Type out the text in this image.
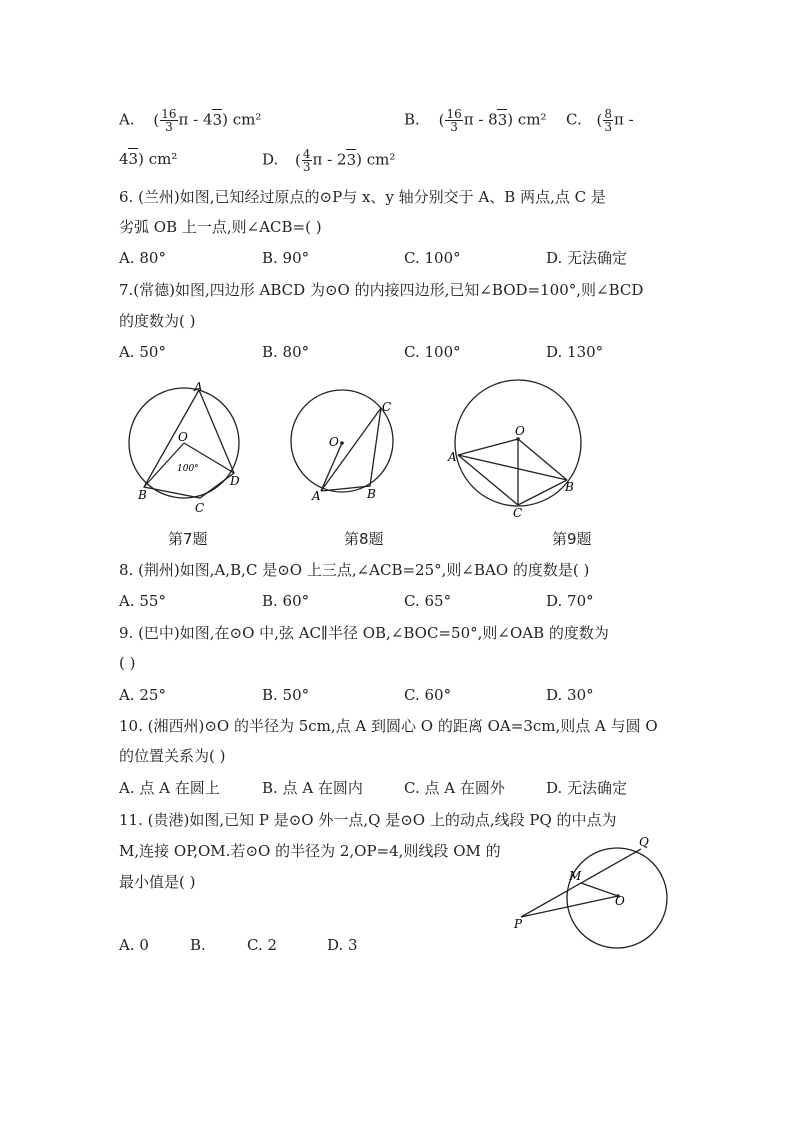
A. ( $\frac{16}{3}$ π - 43) cm²	B. ( $\frac{16}{3}$ π - 83) cm² C. ( $\frac{8}{3}$ π -
43) cm²	D. ( $\frac{4}{3}$ π - 23) cm²
6. (兰州)如图,已知经过原点的⊙P与 x、y 轴分别交于 A、B 两点,点 C 是
劣弧 OB 上一点,则∠ACB=( )
A. 80°	B. 90°	C. 100°	D. 无法确定
7.(常德)如图,四边形 ABCD 为⊙O 的内接四边形,已知∠BOD=100°,则∠BCD
的度数为( )
A. 50°	B. 80°	C. 100°	D. 130°
A
O
100°
B
C
D
O
A	B
C
O
A
B
C
第7题	第8题	第9题
8. (荆州)如图,A,B,C 是⊙O 上三点,∠ACB=25°,则∠BAO 的度数是( )
A. 55°	B. 60°	C. 65°	D. 70°
9. (巴中)如图,在⊙O 中,弦 AC∥半径 OB,∠BOC=50°,则∠OAB 的度数为
( )
A. 25°	B. 50°	C. 60°	D. 30°
10. (湘西州)⊙O 的半径为 5cm,点 A 到圆心 O 的距离 OA=3cm,则点 A 与圆 O
的位置关系为( )
A. 点 A 在圆上	B. 点 A 在圆内	C. 点 A 在圆外	D. 无法确定
11. (贵港)如图,已知 P 是⊙O 外一点,Q 是⊙O 上的动点,线段 PQ 的中点为
M,连接 OP,OM.若⊙O 的半径为 2,OP=4,则线段 OM 的
最小值是( )
Q
M
O
P
A. 0	B.	C. 2	D. 3
